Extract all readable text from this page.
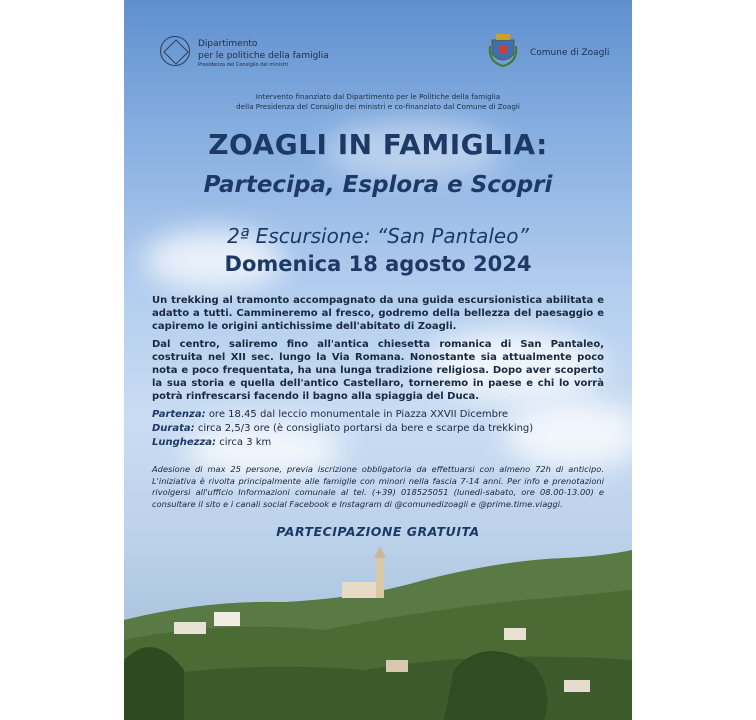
Dipartimento
per le politiche della famiglia
Presidenza del Consiglio dei ministri
Comune di Zoagli
Intervento finanziato dal Dipartimento per le Politiche della famiglia
della Presidenza del Consiglio dei ministri e co-finanziato dal Comune di Zoagli
ZOAGLI IN FAMIGLIA:
Partecipa, Esplora e Scopri
2ª Escursione: “San Pantaleo”
Domenica 18 agosto 2024
Un trekking al tramonto accompagnato da una guida escursionistica abilitata e adatto a tutti. Cammineremo al fresco, godremo della bellezza del paesaggio e capiremo le origini antichissime dell'abitato di Zoagli.
Dal centro, saliremo fino all'antica chiesetta romanica di San Pantaleo, costruita nel XII sec. lungo la Via Romana. Nonostante sia attualmente poco nota e poco frequentata, ha una lunga tradizione religiosa. Dopo aver scoperto la sua storia e quella dell'antico Castellaro, torneremo in paese e chi lo vorrà potrà rinfrescarsi facendo il bagno alla spiaggia del Duca.
Partenza: ore 18.45 dal leccio monumentale in Piazza XXVII Dicembre
Durata: circa 2,5/3 ore (è consigliato portarsi da bere e scarpe da trekking)
Lunghezza: circa 3 km
Adesione di max 25 persone, previa iscrizione obbligatoria da effettuarsi con almeno 72h di anticipo. L'iniziativa è rivolta principalmente alle famiglie con minori nella fascia 7-14 anni. Per info e prenotazioni rivolgersi all'ufficio Informazioni comunale al tel. (+39) 018525051 (lunedì-sabato, ore 08.00-13.00) e consultare il sito e i canali social Facebook e Instagram di @comunedizoagli e @prime.time.viaggi.
PARTECIPAZIONE GRATUITA
